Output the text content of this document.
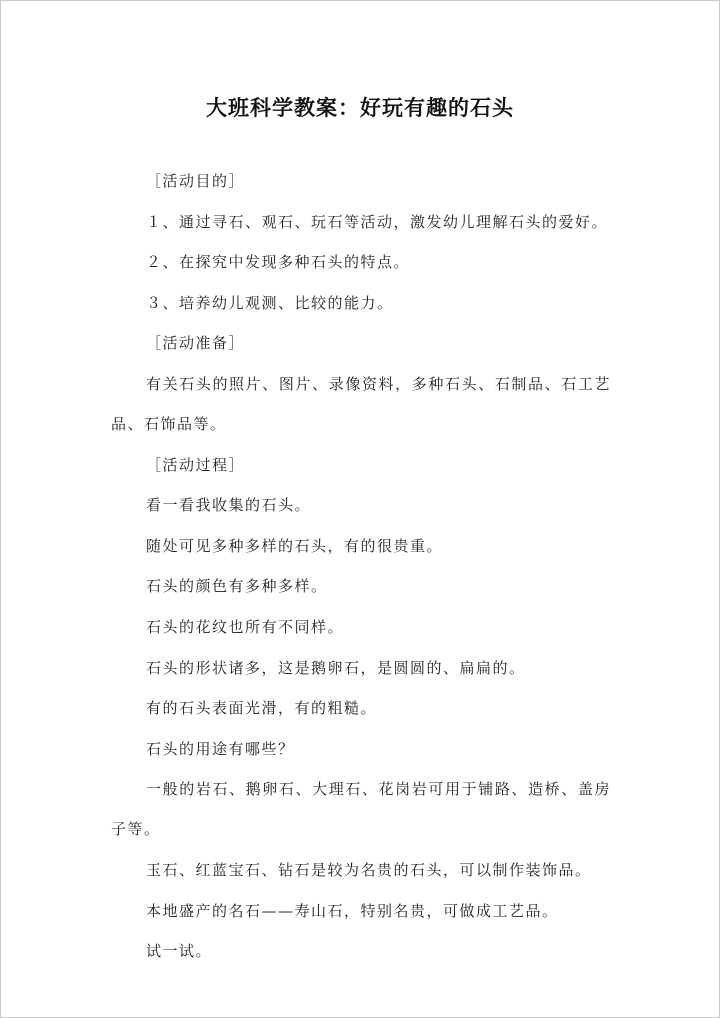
大班科学教案：好玩有趣的石头

［活动目的］

１、通过寻石、观石、玩石等活动，激发幼儿理解石头的爱好。

２、在探究中发现多种石头的特点。

３、培养幼儿观测、比较的能力。

［活动准备］

有关石头的照片、图片、录像资料，多种石头、石制品、石工艺品、石饰品等。

［活动过程］

看一看我收集的石头。

随处可见多种多样的石头，有的很贵重。

石头的颜色有多种多样。

石头的花纹也所有不同样。

石头的形状诸多，这是鹅卵石，是圆圆的、扁扁的。

有的石头表面光滑，有的粗糙。

石头的用途有哪些？

一般的岩石、鹅卵石、大理石、花岗岩可用于铺路、造桥、盖房子等。

玉石、红蓝宝石、钻石是较为名贵的石头，可以制作装饰品。

本地盛产的名石——寿山石，特别名贵，可做成工艺品。

试一试。
